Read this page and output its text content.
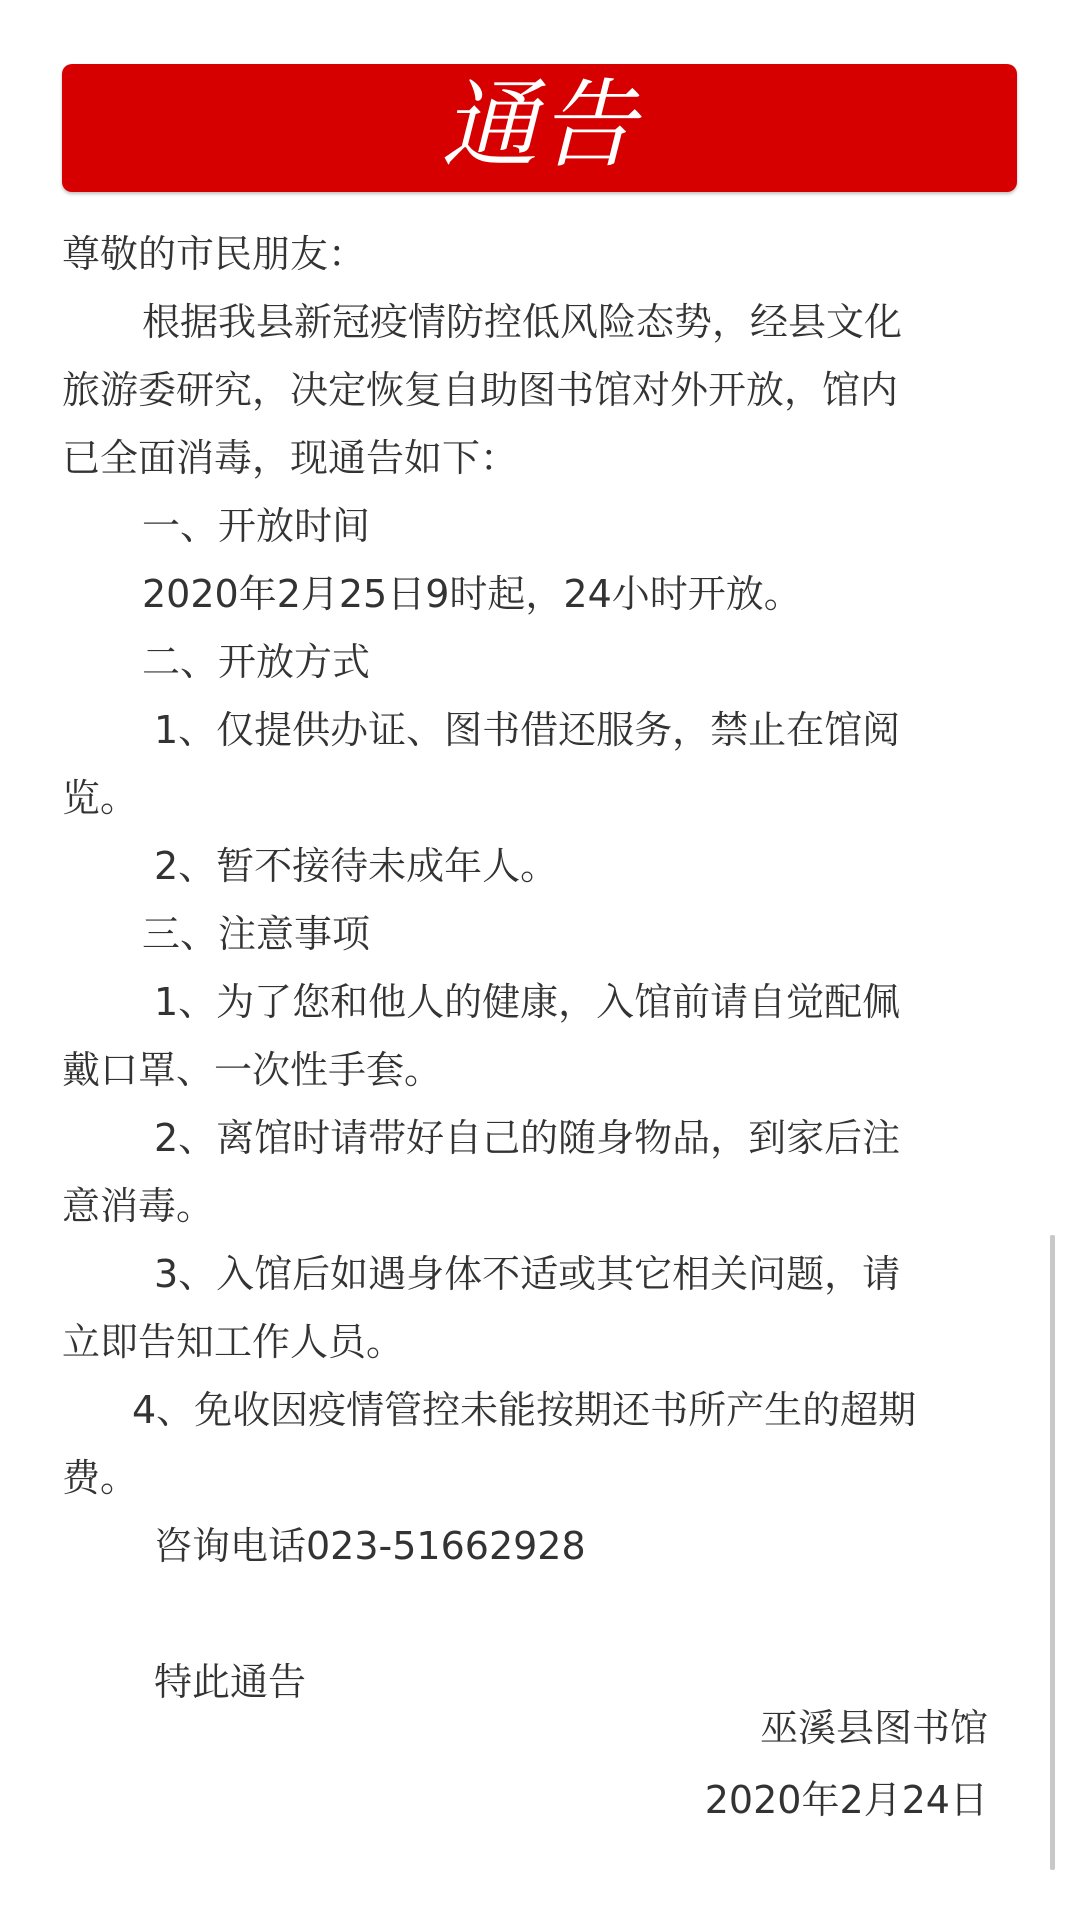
通告
尊敬的市民朋友：
根据我县新冠疫情防控低风险态势，经县文化
旅游委研究，决定恢复自助图书馆对外开放，馆内
已全面消毒，现通告如下：
一、开放时间
2020年2月25日9时起，24小时开放。
二、开放方式
1、仅提供办证、图书借还服务，禁止在馆阅
览。
2、暂不接待未成年人。
三、注意事项
1、为了您和他人的健康，入馆前请自觉配佩
戴口罩、一次性手套。
2、离馆时请带好自己的随身物品，到家后注
意消毒。
3、入馆后如遇身体不适或其它相关问题，请
立即告知工作人员。
4、免收因疫情管控未能按期还书所产生的超期
费。
咨询电话023-51662928
特此通告
巫溪县图书馆
2020年2月24日
